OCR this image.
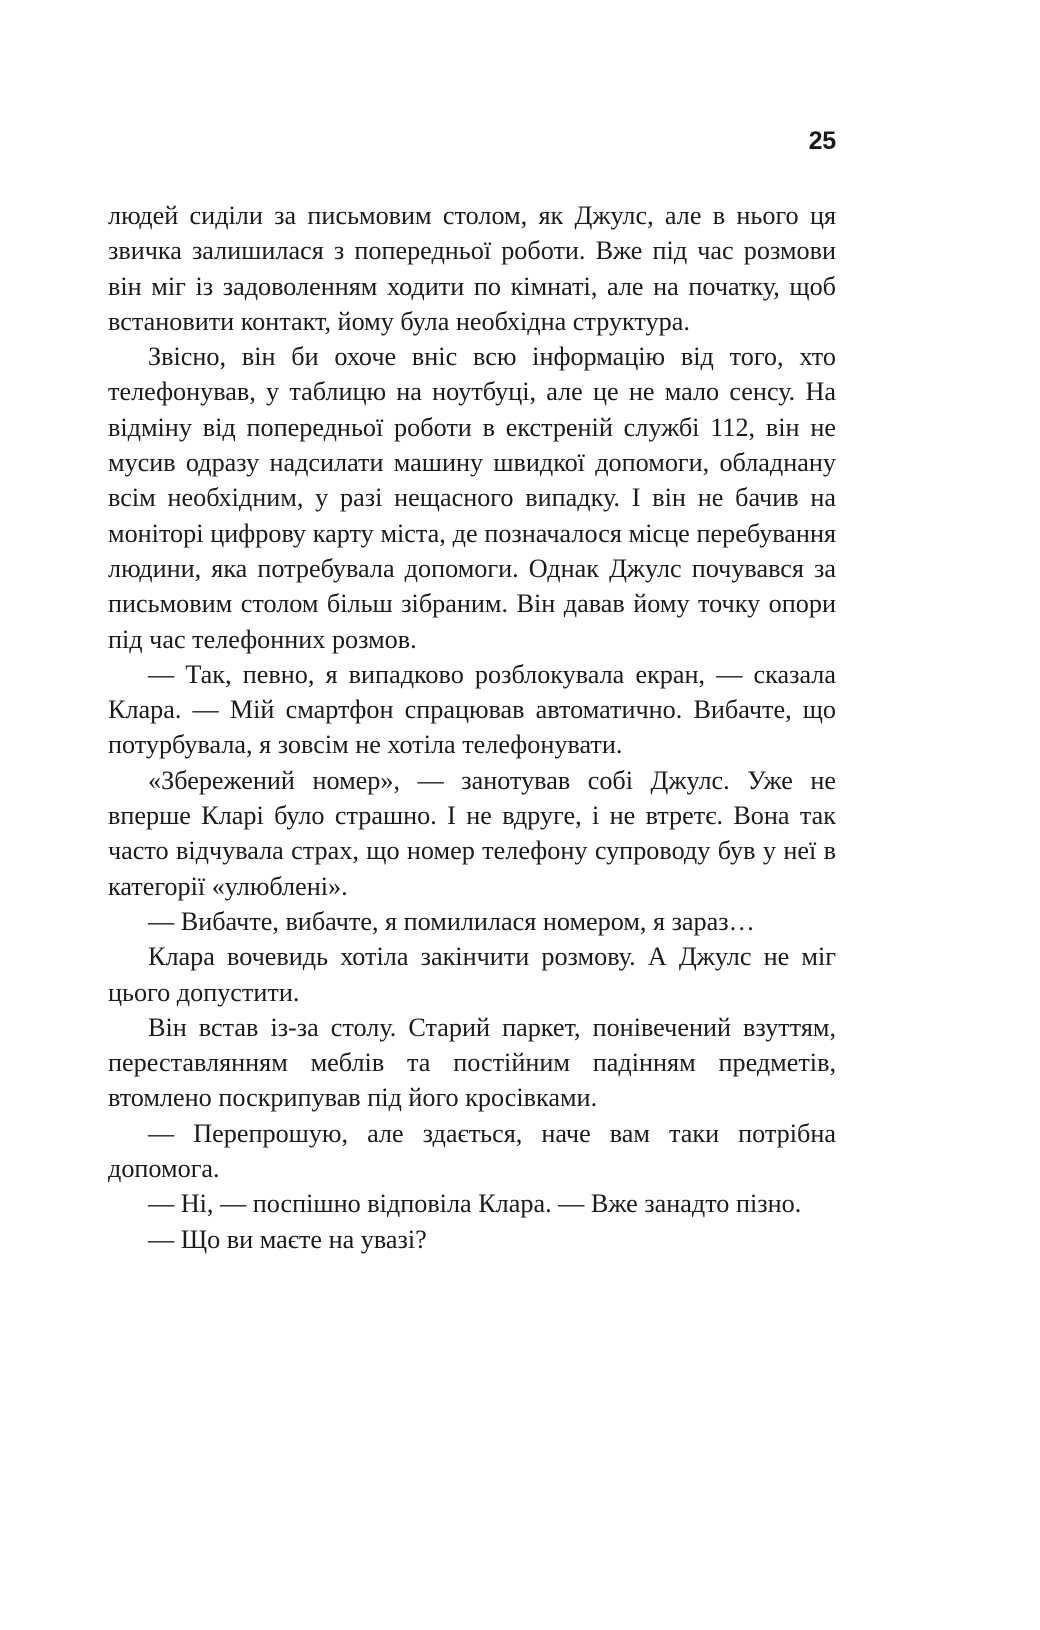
25

людей сиділи за письмовим столом, як Джулс, але в нього ця звичка залишилася з попередньої роботи. Вже під час розмови він міг із задоволенням ходити по кімнаті, але на початку, щоб встановити контакт, йому була необхідна структура.

Звісно, він би охоче вніс всю інформацію від того, хто телефонував, у таблицю на ноутбуці, але це не мало сенсу. На відміну від попередньої роботи в екстреній службі 112, він не мусив одразу надсилати машину швидкої допомоги, обладнану всім необхідним, у разі нещасного випадку. І він не бачив на моніторі цифрову карту міста, де позначалося місце перебування людини, яка потребувала допомоги. Однак Джулс почувався за письмовим столом більш зібраним. Він давав йому точку опори під час телефонних розмов.

— Так, певно, я випадково розблокувала екран, — сказала Клара. — Мій смартфон спрацював автоматично. Вибачте, що потурбувала, я зовсім не хотіла телефонувати.

«Збережений номер», — занотував собі Джулс. Уже не вперше Кларі було страшно. І не вдруге, і не втретє. Вона так часто відчувала страх, що номер телефону супроводу був у неї в категорії «улюблені».

— Вибачте, вибачте, я помилилася номером, я зараз…

Клара вочевидь хотіла закінчити розмову. А Джулс не міг цього допустити.

Він встав із-за столу. Старий паркет, понівечений взуттям, переставлянням меблів та постійним падінням предметів, втомлено поскрипував під його кросівками.

— Перепрошую, але здається, наче вам таки потрібна допомога.

— Ні, — поспішно відповіла Клара. — Вже занадто пізно.

— Що ви маєте на увазі?
